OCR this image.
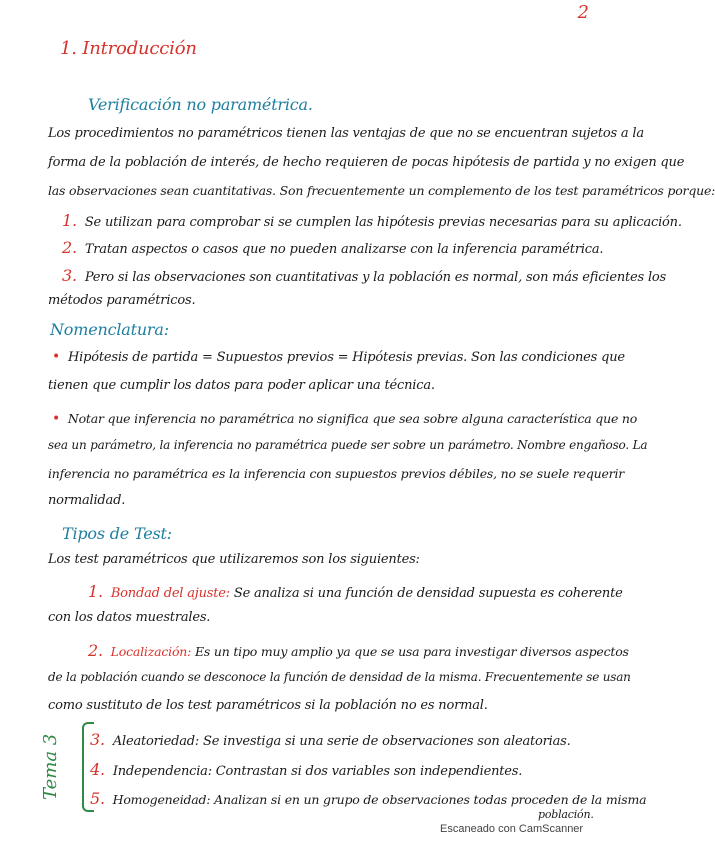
2
1. Introducción
Verificación no paramétrica.
Los procedimientos no paramétricos tienen las ventajas de que no se encuentran sujetos a la
forma de la población de interés, de hecho requieren de pocas hipótesis de partida y no exigen que
las observaciones sean cuantitativas. Son frecuentemente un complemento de los test paramétricos porque:
1. Se utilizan para comprobar si se cumplen las hipótesis previas necesarias para su aplicación.
2. Tratan aspectos o casos que no pueden analizarse con la inferencia paramétrica.
3. Pero si las observaciones son cuantitativas y la población es normal, son más eficientes los
métodos paramétricos.
Nomenclatura:
• Hipótesis de partida = Supuestos previos = Hipótesis previas. Son las condiciones que
tienen que cumplir los datos para poder aplicar una técnica.
• Notar que inferencia no paramétrica no significa que sea sobre alguna característica que no
sea un parámetro, la inferencia no paramétrica puede ser sobre un parámetro. Nombre engañoso. La
inferencia no paramétrica es la inferencia con supuestos previos débiles, no se suele requerir
normalidad.
Tipos de Test:
Los test paramétricos que utilizaremos son los siguientes:
1. Bondad del ajuste: Se analiza si una función de densidad supuesta es coherente
con los datos muestrales.
2. Localización: Es un tipo muy amplio ya que se usa para investigar diversos aspectos
de la población cuando se desconoce la función de densidad de la misma. Frecuentemente se usan
como sustituto de los test paramétricos si la población no es normal.
Tema 3 3. Aleatoriedad: Se investiga si una serie de observaciones son aleatorias.
4. Independencia: Contrastan si dos variables son independientes.
5. Homogeneidad: Analizan si en un grupo de observaciones todas proceden de la misma
población.
Escaneado con CamScanner
